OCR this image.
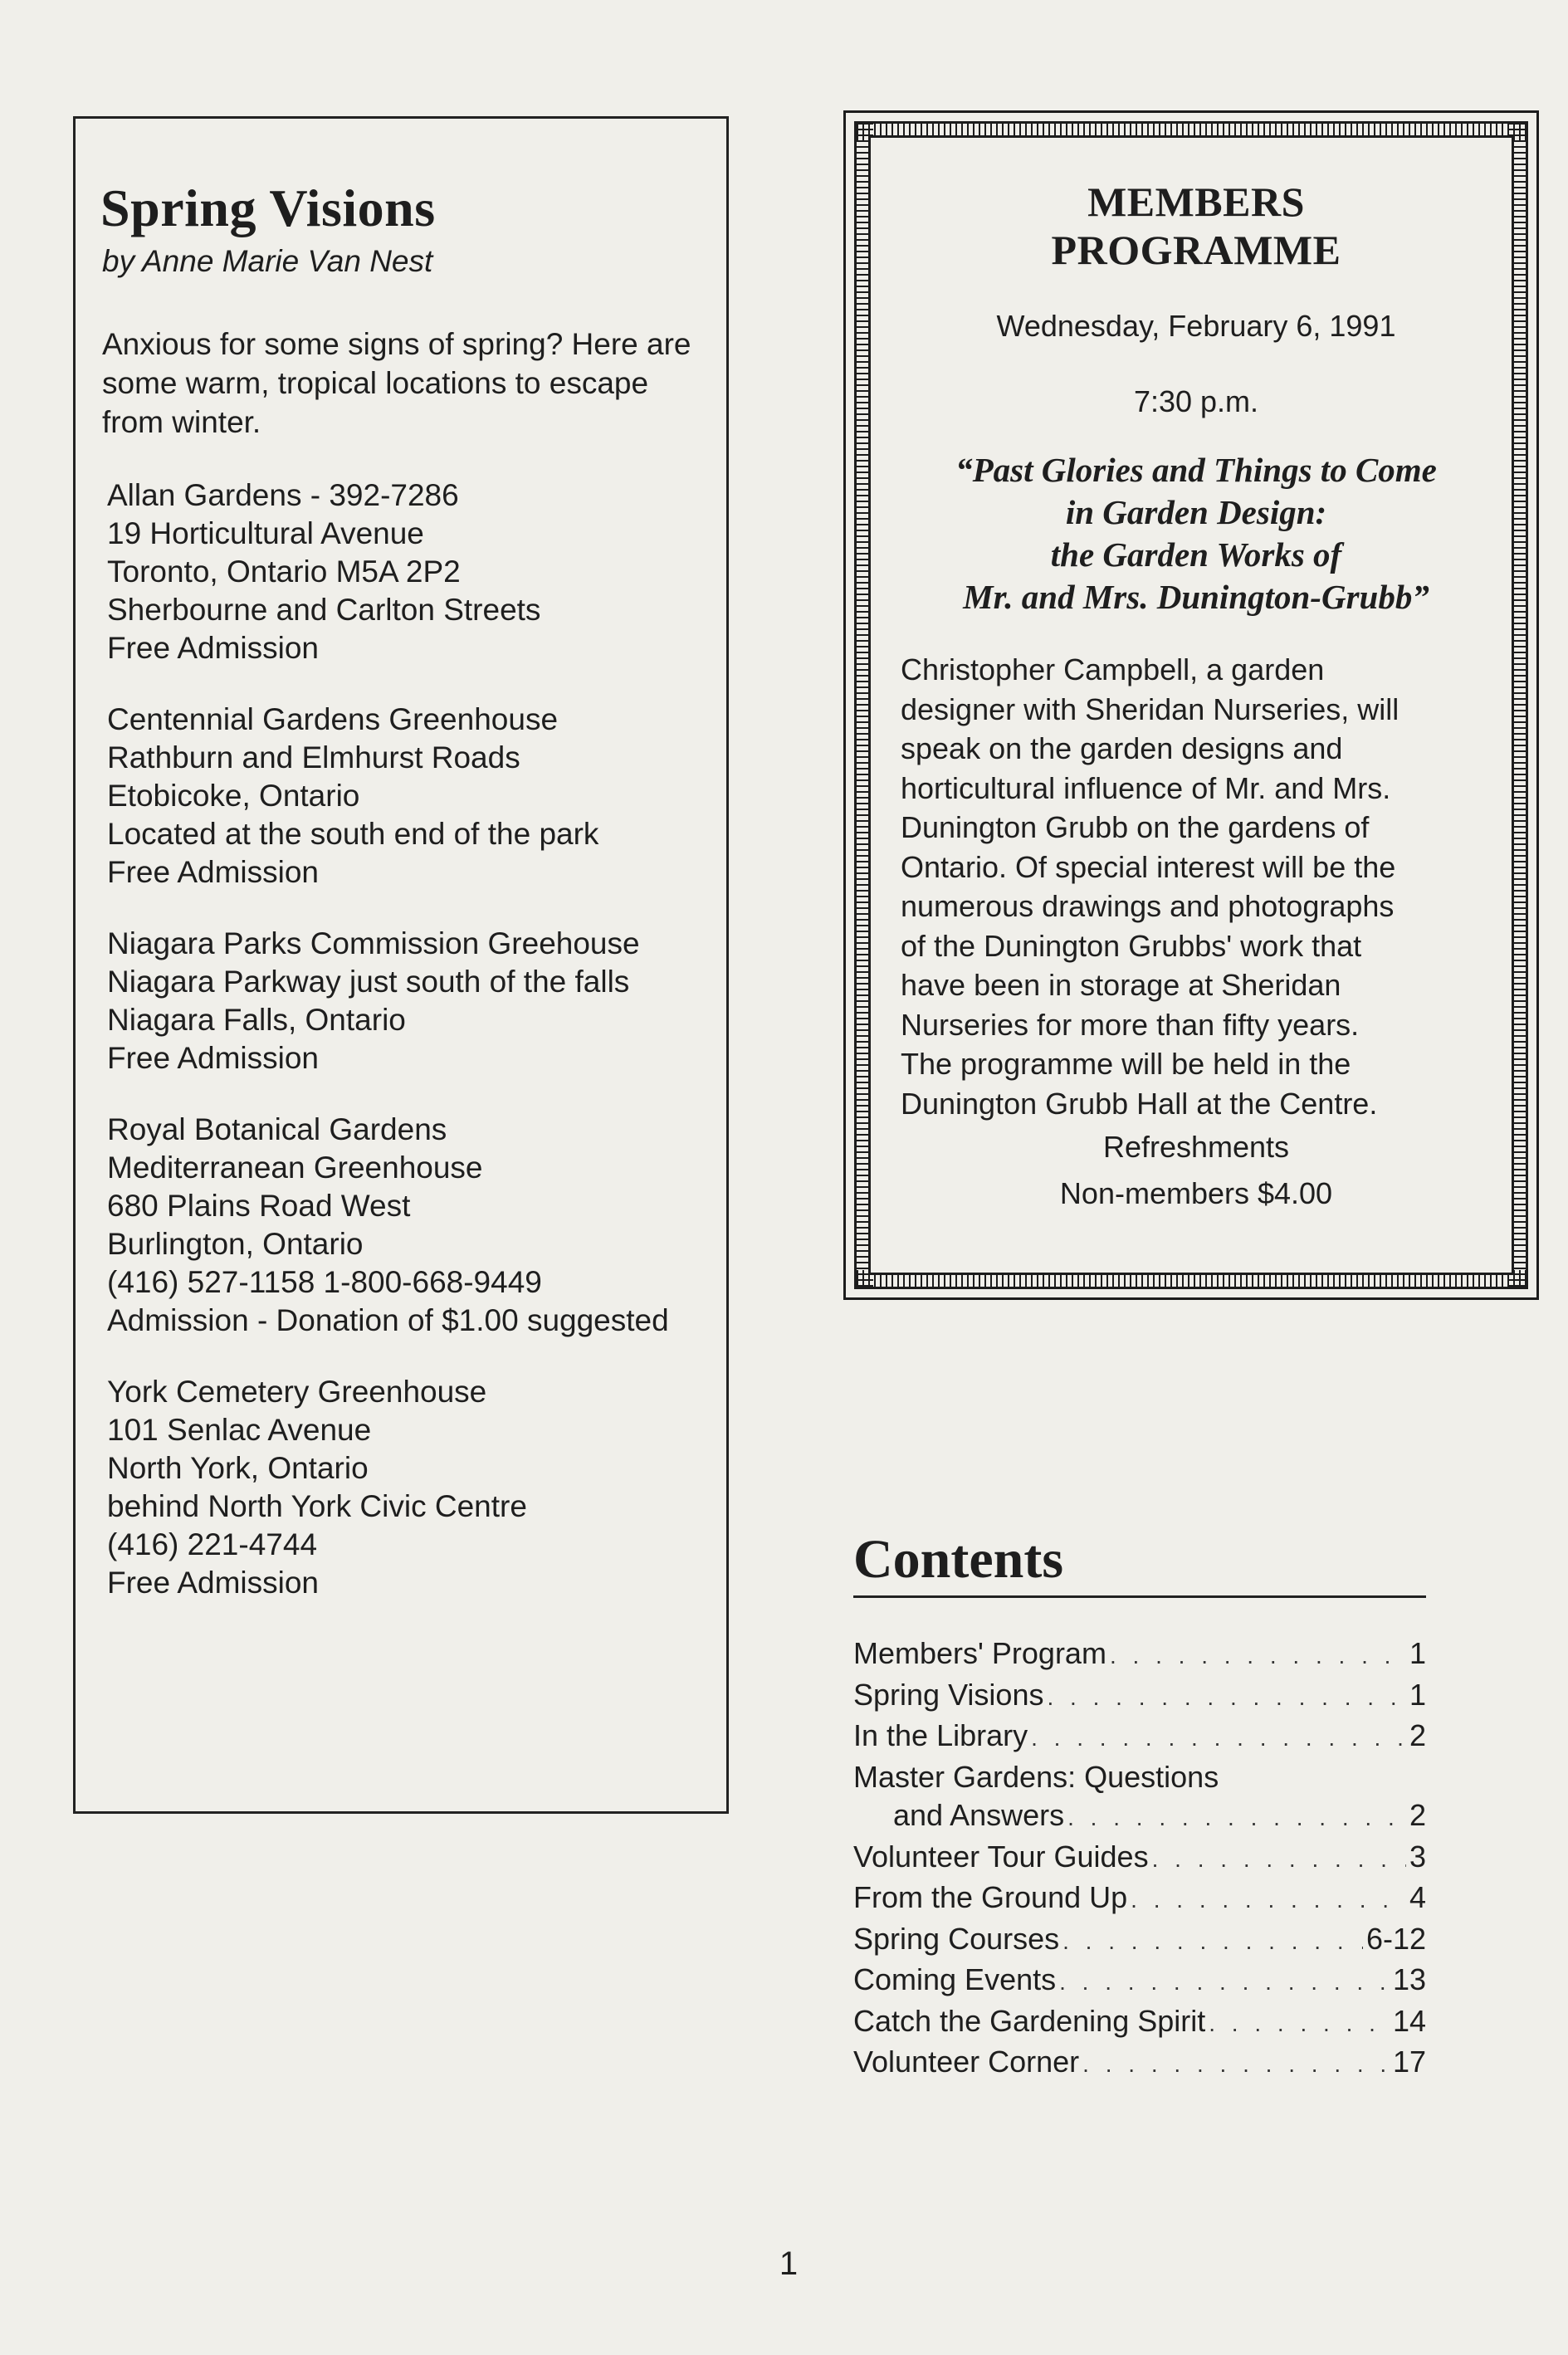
Spring Visions
by Anne Marie Van Nest
Anxious for some signs of spring? Here are some warm, tropical locations to escape from winter.
Allan Gardens - 392-7286
19 Horticultural Avenue
Toronto, Ontario M5A 2P2
Sherbourne and Carlton Streets
Free Admission
Centennial Gardens Greenhouse
Rathburn and Elmhurst Roads
Etobicoke, Ontario
Located at the south end of the park
Free Admission
Niagara Parks Commission Greehouse
Niagara Parkway just south of the falls
Niagara Falls, Ontario
Free Admission
Royal Botanical Gardens
Mediterranean Greenhouse
680 Plains Road West
Burlington, Ontario
(416) 527-1158 1-800-668-9449
Admission - Donation of $1.00 suggested
York Cemetery Greenhouse
101 Senlac Avenue
North York, Ontario
behind North York Civic Centre
(416) 221-4744
Free Admission
MEMBERS
PROGRAMME
Wednesday, February 6, 1991
7:30 p.m.
“Past Glories and Things to Come
in Garden Design:
the Garden Works of
Mr. and Mrs. Dunington-Grubb”
Christopher Campbell, a garden
designer with Sheridan Nurseries, will
speak on the garden designs and
horticultural influence of Mr. and Mrs.
Dunington Grubb on the gardens of
Ontario. Of special interest will be the
numerous drawings and photographs
of the Dunington Grubbs' work that
have been in storage at Sheridan
Nurseries for more than fifty years.
The programme will be held in the
Dunington Grubb Hall at the Centre.
Refreshments
Non-members $4.00
Contents
Members' Program . . .	1
Spring Visions . . .	1
In the Library . . .	2
Master Gardens: Questions
and Answers . . .	2
Volunteer Tour Guides . . .	3
From the Ground Up . . .	4
Spring Courses . . .	6-12
Coming Events . . .	13
Catch the Gardening Spirit . . .	14
Volunteer Corner . . .	17
1
